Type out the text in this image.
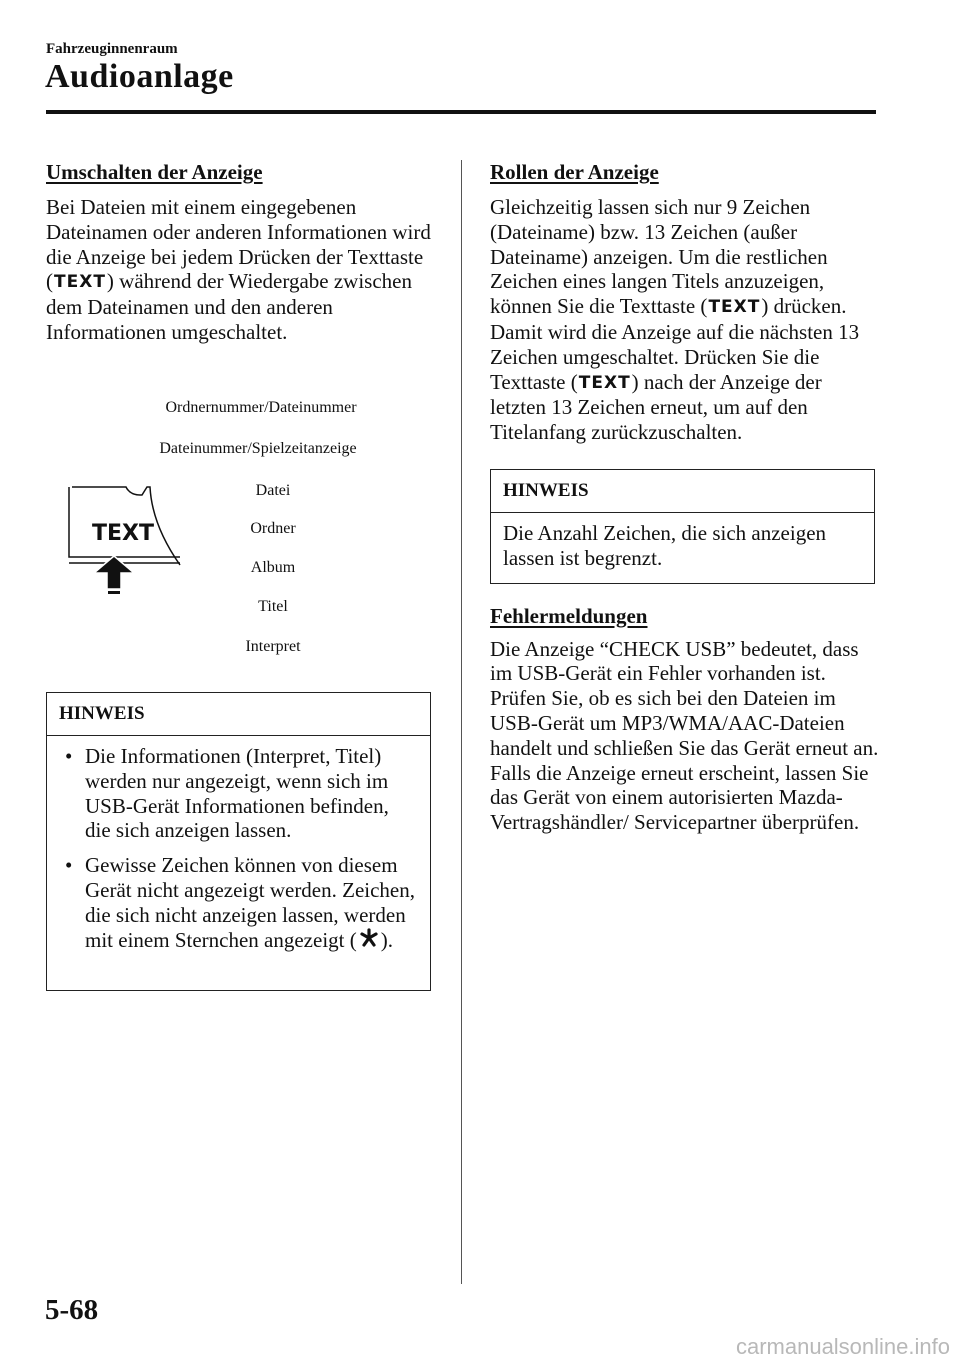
Fahrzeuginnenraum
Audioanlage
Umschalten der Anzeige
Bei Dateien mit einem eingegebenen Dateinamen oder anderen Informationen wird die Anzeige bei jedem Drücken der Texttaste (TEXT) während der Wiedergabe zwischen dem Dateinamen und den anderen Informationen umgeschaltet.
TEXT
Ordnernummer/Dateinummer
Dateinummer/Spielzeitanzeige
Datei
Ordner
Album
Titel
Interpret
HINWEIS
• Die Informationen (Interpret, Titel) werden nur angezeigt, wenn sich im USB-Gerät Informationen befinden, die sich anzeigen lassen.
• Gewisse Zeichen können von diesem Gerät nicht angezeigt werden. Zeichen, die sich nicht anzeigen lassen, werden mit einem Sternchen angezeigt ( ).
Rollen der Anzeige
Gleichzeitig lassen sich nur 9 Zeichen (Dateiname) bzw. 13 Zeichen (außer Dateiname) anzeigen. Um die restlichen Zeichen eines langen Titels anzuzeigen, können Sie die Texttaste (TEXT) drücken. Damit wird die Anzeige auf die nächsten 13 Zeichen umgeschaltet. Drücken Sie die Texttaste (TEXT) nach der Anzeige der letzten 13 Zeichen erneut, um auf den Titelanfang zurückzuschalten.
HINWEIS
Die Anzahl Zeichen, die sich anzeigen lassen ist begrenzt.
Fehlermeldungen
Die Anzeige “CHECK USB” bedeutet, dass im USB-Gerät ein Fehler vorhanden ist. Prüfen Sie, ob es sich bei den Dateien im USB-Gerät um MP3/WMA/AAC-Dateien handelt und schließen Sie das Gerät erneut an. Falls die Anzeige erneut erscheint, lassen Sie das Gerät von einem autorisierten Mazda-Vertragshändler/ Servicepartner überprüfen.
5-68
carmanualsonline.info
